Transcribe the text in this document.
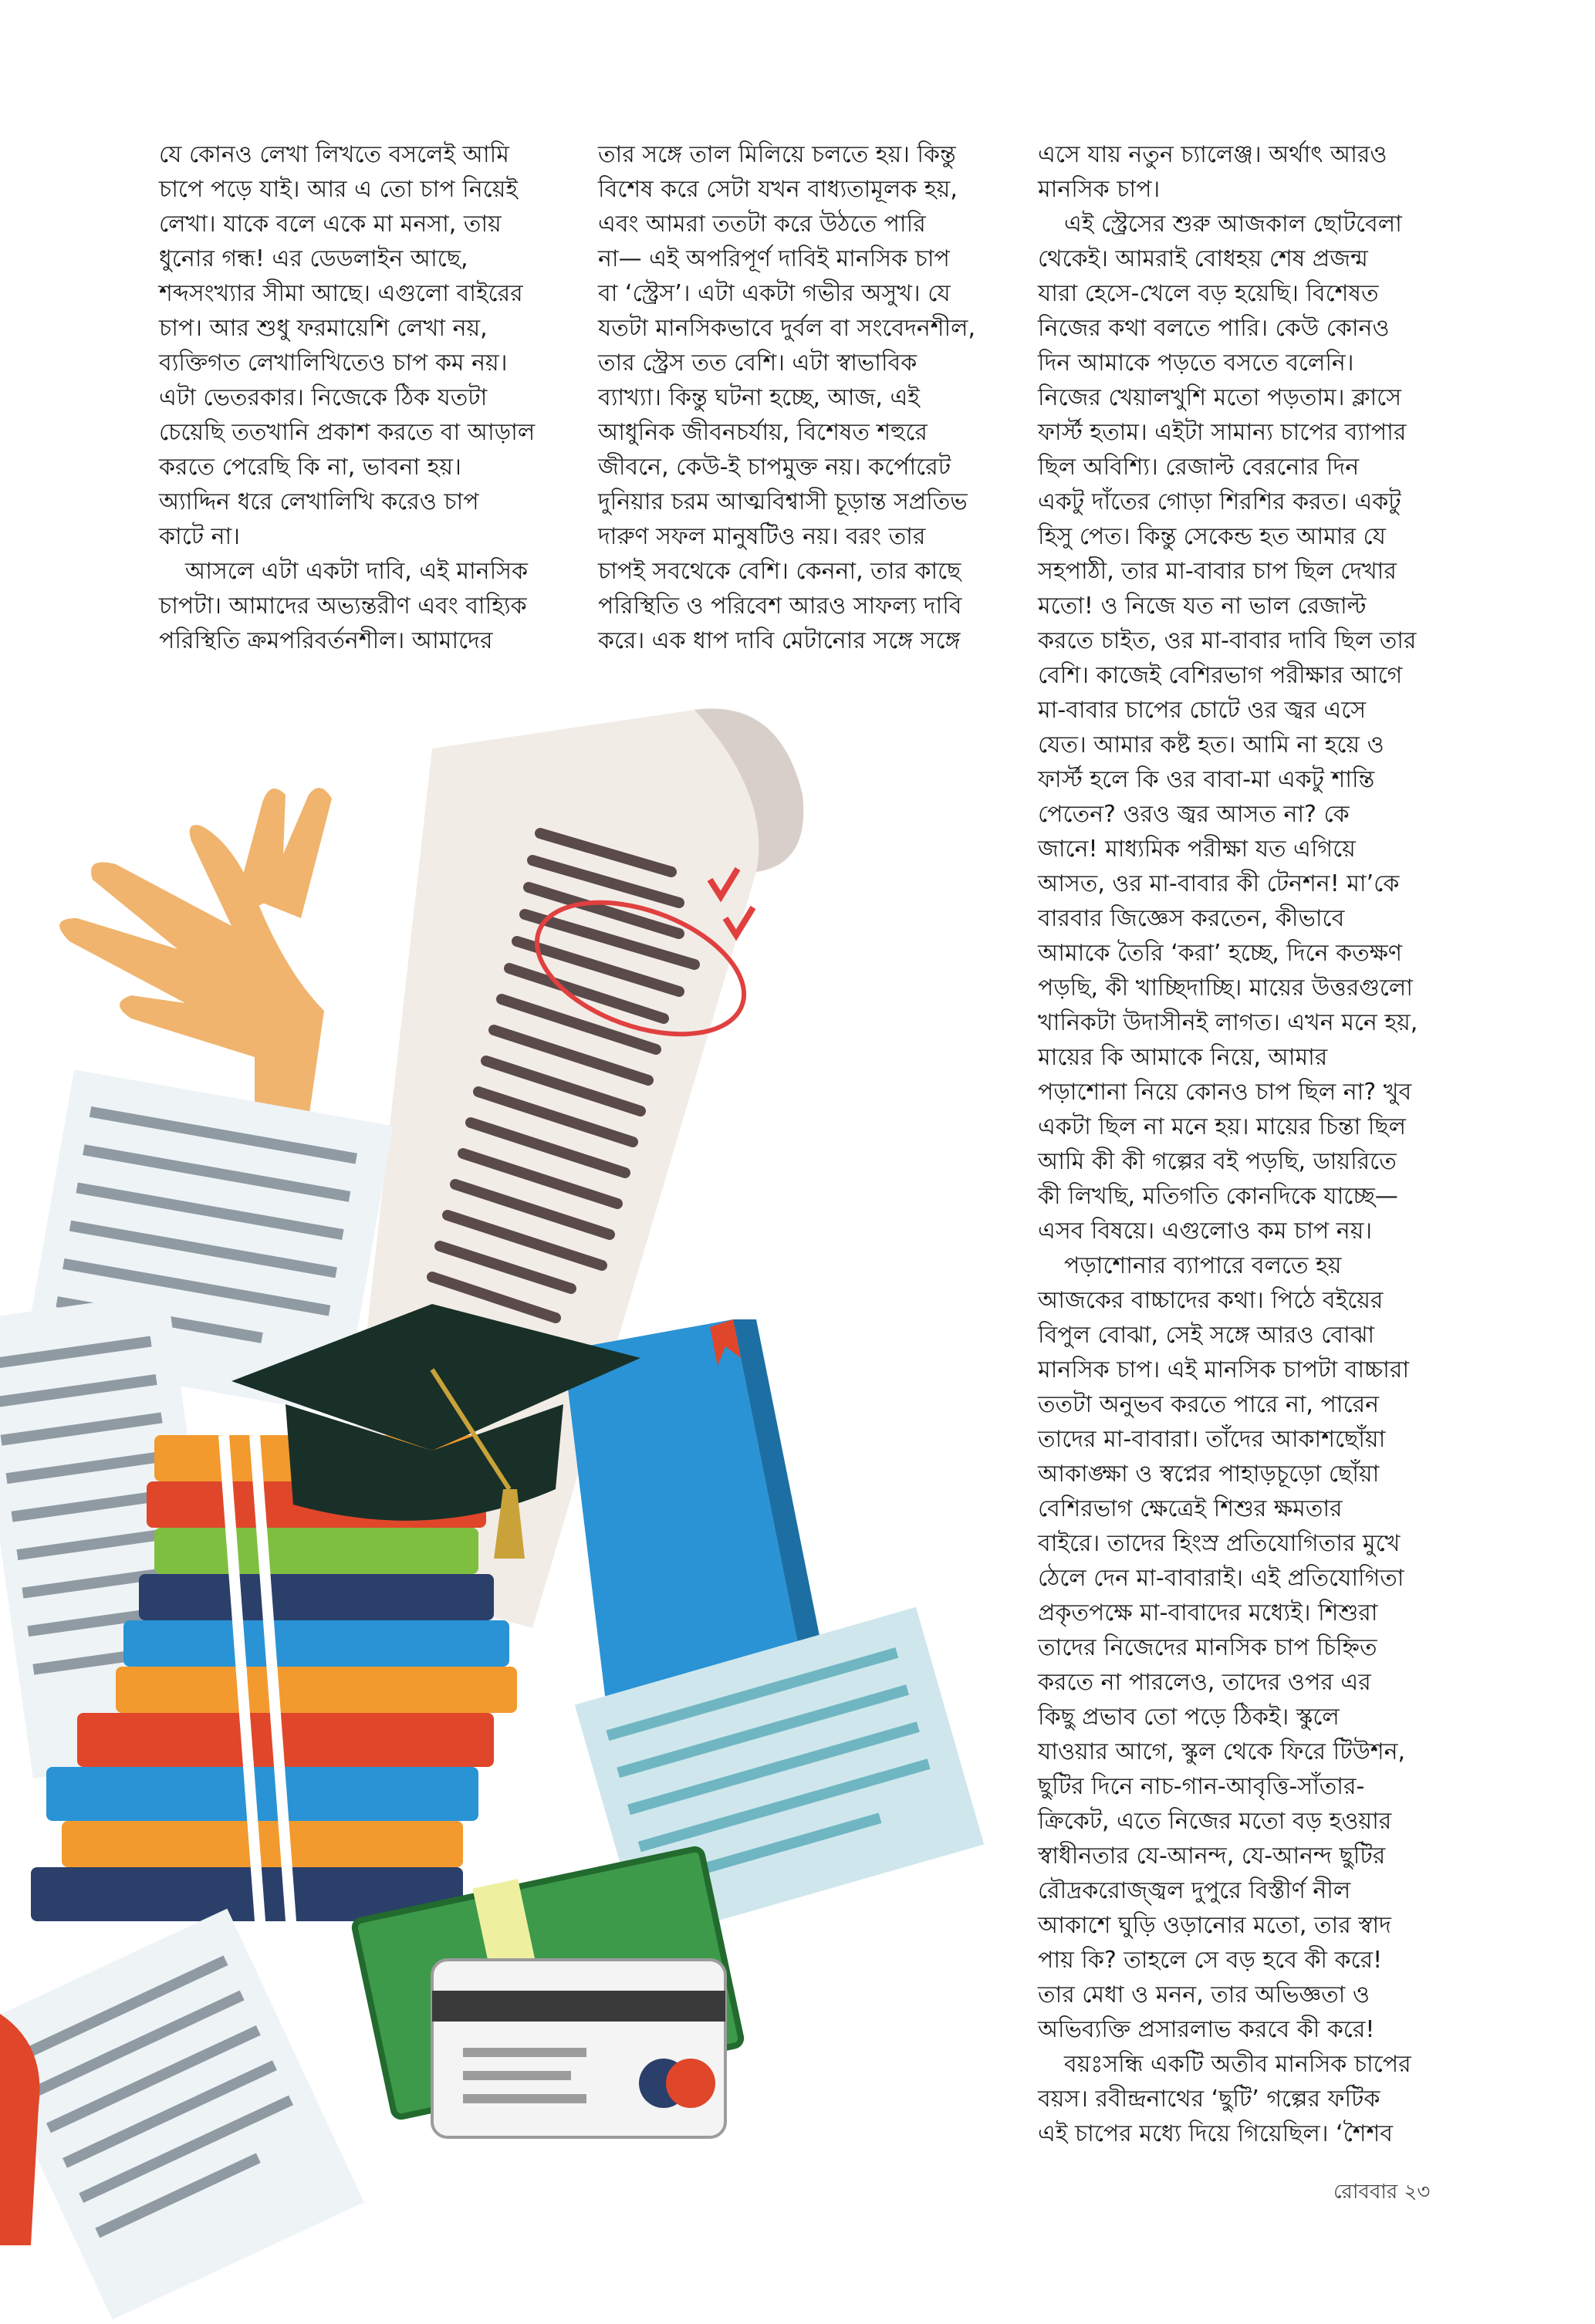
যে কোনও লেখা লিখতে বসলেই আমি

চাপে পড়ে যাই। আর এ তো চাপ নিয়েই

লেখা। যাকে বলে একে মা মনসা, তায়

ধুনোর গন্ধ! এর ডেডলাইন আছে,

শব্দসংখ্যার সীমা আছে। এগুলো বাইরের

চাপ। আর শুধু ফরমায়েশি লেখা নয়,

ব্যক্তিগত লেখালিখিতেও চাপ কম নয়।

এটা ভেতরকার। নিজেকে ঠিক যতটা

চেয়েছি ততখানি প্রকাশ করতে বা আড়াল

করতে পেরেছি কি না, ভাবনা হয়।

অ্যাদ্দিন ধরে লেখালিখি করেও চাপ

কাটে না।

আসলে এটা একটা দাবি, এই মানসিক

চাপটা। আমাদের অভ্যন্তরীণ এবং বাহ্যিক

পরিস্থিতি ক্রমপরিবর্তনশীল। আমাদের

তার সঙ্গে তাল মিলিয়ে চলতে হয়। কিন্তু

বিশেষ করে সেটা যখন বাধ্যতামূলক হয়,

এবং আমরা ততটা করে উঠতে পারি

না— এই অপরিপূর্ণ দাবিই মানসিক চাপ

বা ‘স্ট্রেস’। এটা একটা গভীর অসুখ। যে

যতটা মানসিকভাবে দুর্বল বা সংবেদনশীল,

তার স্ট্রেস তত বেশি। এটা স্বাভাবিক

ব্যাখ্যা। কিন্তু ঘটনা হচ্ছে, আজ, এই

আধুনিক জীবনচর্যায়, বিশেষত শহুরে

জীবনে, কেউ-ই চাপমুক্ত নয়। কর্পোরেট

দুনিয়ার চরম আত্মবিশ্বাসী চূড়ান্ত সপ্রতিভ

দারুণ সফল মানুষটিও নয়। বরং তার

চাপই সবথেকে বেশি। কেননা, তার কাছে

পরিস্থিতি ও পরিবেশ আরও সাফল্য দাবি

করে। এক ধাপ দাবি মেটানোর সঙ্গে সঙ্গে

এসে যায় নতুন চ্যালেঞ্জ। অর্থাৎ আরও

মানসিক চাপ।

এই স্ট্রেসের শুরু আজকাল ছোটবেলা

থেকেই। আমরাই বোধহয় শেষ প্রজন্ম

যারা হেসে-খেলে বড় হয়েছি। বিশেষত

নিজের কথা বলতে পারি। কেউ কোনও

দিন আমাকে পড়তে বসতে বলেনি।

নিজের খেয়ালখুশি মতো পড়তাম। ক্লাসে

ফার্স্ট হতাম। এইটা সামান্য চাপের ব্যাপার

ছিল অবিশ্যি। রেজাল্ট বেরনোর দিন

একটু দাঁতের গোড়া শিরশির করত। একটু

হিসু পেত। কিন্তু সেকেন্ড হত আমার যে

সহপাঠী, তার মা-বাবার চাপ ছিল দেখার

মতো! ও নিজে যত না ভাল রেজাল্ট

করতে চাইত, ওর মা-বাবার দাবি ছিল তার

বেশি। কাজেই বেশিরভাগ পরীক্ষার আগে

মা-বাবার চাপের চোটে ওর জ্বর এসে

যেত। আমার কষ্ট হত। আমি না হয়ে ও

ফার্স্ট হলে কি ওর বাবা-মা একটু শান্তি

পেতেন? ওরও জ্বর আসত না? কে

জানে! মাধ্যমিক পরীক্ষা যত এগিয়ে

আসত, ওর মা-বাবার কী টেনশন! মা’কে

বারবার জিজ্ঞেস করতেন, কীভাবে

আমাকে তৈরি ‘করা’ হচ্ছে, দিনে কতক্ষণ

পড়ছি, কী খাচ্ছিদাচ্ছি। মায়ের উত্তরগুলো

খানিকটা উদাসীনই লাগত। এখন মনে হয়,

মায়ের কি আমাকে নিয়ে, আমার

পড়াশোনা নিয়ে কোনও চাপ ছিল না? খুব

একটা ছিল না মনে হয়। মায়ের চিন্তা ছিল

আমি কী কী গল্পের বই পড়ছি, ডায়রিতে

কী লিখছি, মতিগতি কোনদিকে যাচ্ছে—

এসব বিষয়ে। এগুলোও কম চাপ নয়।

পড়াশোনার ব্যাপারে বলতে হয়

আজকের বাচ্চাদের কথা। পিঠে বইয়ের

বিপুল বোঝা, সেই সঙ্গে আরও বোঝা

মানসিক চাপ। এই মানসিক চাপটা বাচ্চারা

ততটা অনুভব করতে পারে না, পারেন

তাদের মা-বাবারা। তাঁদের আকাশছোঁয়া

আকাঙ্ক্ষা ও স্বপ্নের পাহাড়চূড়ো ছোঁয়া

বেশিরভাগ ক্ষেত্রেই শিশুর ক্ষমতার

বাইরে। তাদের হিংস্র প্রতিযোগিতার মুখে

ঠেলে দেন মা-বাবারাই। এই প্রতিযোগিতা

প্রকৃতপক্ষে মা-বাবাদের মধ্যেই। শিশুরা

তাদের নিজেদের মানসিক চাপ চিহ্নিত

করতে না পারলেও, তাদের ওপর এর

কিছু প্রভাব তো পড়ে ঠিকই। স্কুলে

যাওয়ার আগে, স্কুল থেকে ফিরে টিউশন,

ছুটির দিনে নাচ-গান-আবৃত্তি-সাঁতার-

ক্রিকেট, এতে নিজের মতো বড় হওয়ার

স্বাধীনতার যে-আনন্দ, যে-আনন্দ ছুটির

রৌদ্রকরোজ্জ্বল দুপুরে বিস্তীর্ণ নীল

আকাশে ঘুড়ি ওড়ানোর মতো, তার স্বাদ

পায় কি? তাহলে সে বড় হবে কী করে!

তার মেধা ও মনন, তার অভিজ্ঞতা ও

অভিব্যক্তি প্রসারলাভ করবে কী করে!

বয়ঃসন্ধি একটি অতীব মানসিক চাপের

বয়স। রবীন্দ্রনাথের ‘ছুটি’ গল্পের ফটিক

এই চাপের মধ্যে দিয়ে গিয়েছিল। ‘শৈশব

রোববার ২৩
